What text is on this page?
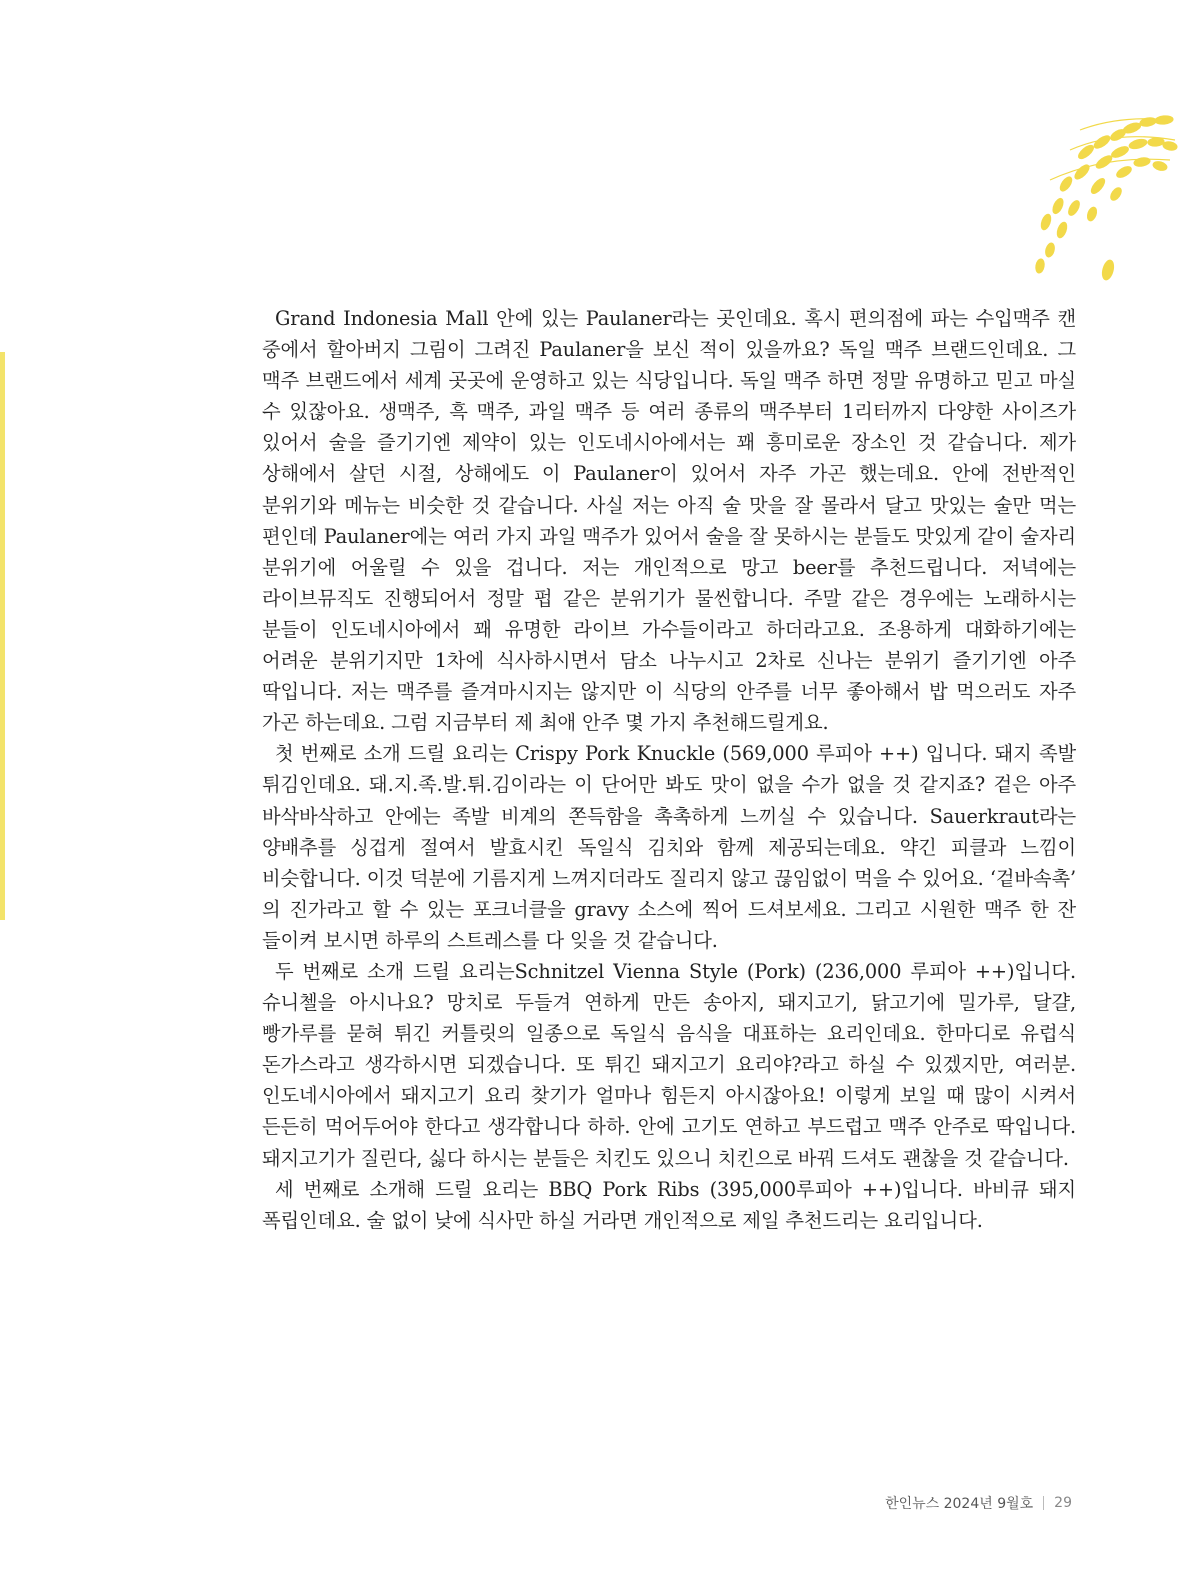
Grand Indonesia Mall 안에 있는 Paulaner라는 곳인데요. 혹시 편의점에 파는 수입맥주 캔 중에서 할아버지 그림이 그려진 Paulaner을 보신 적이 있을까요? 독일 맥주 브랜드인데요. 그 맥주 브랜드에서 세계 곳곳에 운영하고 있는 식당입니다. 독일 맥주 하면 정말 유명하고 믿고 마실 수 있잖아요. 생맥주, 흑 맥주, 과일 맥주 등 여러 종류의 맥주부터 1리터까지 다양한 사이즈가 있어서 술을 즐기기엔 제약이 있는 인도네시아에서는 꽤 흥미로운 장소인 것 같습니다. 제가 상해에서 살던 시절, 상해에도 이 Paulaner이 있어서 자주 가곤 했는데요. 안에 전반적인 분위기와 메뉴는 비슷한 것 같습니다. 사실 저는 아직 술 맛을 잘 몰라서 달고 맛있는 술만 먹는 편인데 Paulaner에는 여러 가지 과일 맥주가 있어서 술을 잘 못하시는 분들도 맛있게 같이 술자리 분위기에 어울릴 수 있을 겁니다. 저는 개인적으로 망고 beer를 추천드립니다. 저녁에는 라이브뮤직도 진행되어서 정말 펍 같은 분위기가 물씬합니다. 주말 같은 경우에는 노래하시는 분들이 인도네시아에서 꽤 유명한 라이브 가수들이라고 하더라고요. 조용하게 대화하기에는 어려운 분위기지만 1차에 식사하시면서 담소 나누시고 2차로 신나는 분위기 즐기기엔 아주 딱입니다. 저는 맥주를 즐겨마시지는 않지만 이 식당의 안주를 너무 좋아해서 밥 먹으러도 자주 가곤 하는데요. 그럼 지금부터 제 최애 안주 몇 가지 추천해드릴게요.

첫 번째로 소개 드릴 요리는 Crispy Pork Knuckle (569,000 루피아 ++) 입니다. 돼지 족발 튀김인데요. 돼.지.족.발.튀.김이라는 이 단어만 봐도 맛이 없을 수가 없을 것 같지죠? 겉은 아주 바삭바삭하고 안에는 족발 비계의 쫀득함을 촉촉하게 느끼실 수 있습니다. Sauerkraut라는 양배추를 싱겁게 절여서 발효시킨 독일식 김치와 함께 제공되는데요. 약긴 피클과 느낌이 비슷합니다. 이것 덕분에 기름지게 느껴지더라도 질리지 않고 끊임없이 먹을 수 있어요. ‘겉바속촉’ 의 진가라고 할 수 있는 포크너클을 gravy 소스에 찍어 드셔보세요. 그리고 시원한 맥주 한 잔 들이켜 보시면 하루의 스트레스를 다 잊을 것 같습니다.

두 번째로 소개 드릴 요리는Schnitzel Vienna Style (Pork) (236,000 루피아 ++)입니다. 슈니첼을 아시나요? 망치로 두들겨 연하게 만든 송아지, 돼지고기, 닭고기에 밀가루, 달걀, 빵가루를 묻혀 튀긴 커틀릿의 일종으로 독일식 음식을 대표하는 요리인데요. 한마디로 유럽식 돈가스라고 생각하시면 되겠습니다. 또 튀긴 돼지고기 요리야?라고 하실 수 있겠지만, 여러분. 인도네시아에서 돼지고기 요리 찾기가 얼마나 힘든지 아시잖아요! 이렇게 보일 때 많이 시켜서 든든히 먹어두어야 한다고 생각합니다 하하. 안에 고기도 연하고 부드럽고 맥주 안주로 딱입니다. 돼지고기가 질린다, 싫다 하시는 분들은 치킨도 있으니 치킨으로 바꿔 드셔도 괜찮을 것 같습니다.

세 번째로 소개해 드릴 요리는 BBQ Pork Ribs (395,000루피아 ++)입니다. 바비큐 돼지 폭립인데요. 술 없이 낮에 식사만 하실 거라면 개인적으로 제일 추천드리는 요리입니다.

한인뉴스 2024년 9월호 29
